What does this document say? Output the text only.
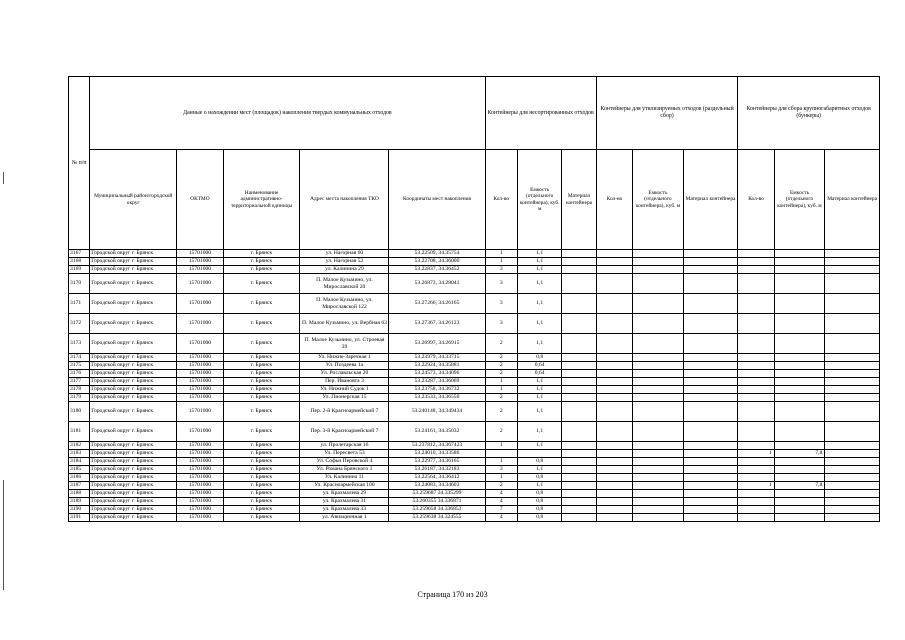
№ п/п	Данные о нахождении мест (площадок) накопления твердых коммунальных отходов					Контейнеры для несортированных отходов			Контейнеры для утилизируемых отходов (раздельный сбор)			Контейнеры для сбора крупногабаритных отходов (бункеры)		
	Муниципальный район/городской округ	ОКТМО	Наименование административно-территориальной единицы	Адрес места накопления ТКО	Координаты мест накопления	Кол-во	Емкость (отдельного контейнера), куб. м	Материал контейнера	Кол-во	Емкость (отдельного контейнера), куб. м	Материал контейнера	Кол-во	Емкость (отдельного контейнера), куб. м	Материал контейнера
3167	Городской округ г. Брянск	15701000	г. Брянск	ул. Нагорная 60	53.22509, 34.35754	1	1,1							
3168	Городской округ г. Брянск	15701000	г. Брянск	ул. Нагорная 52	53.22708, 34.36000	1	1,1							
3169	Городской округ г. Брянск	15701000	г. Брянск	ул. Калинина 29	53.22837, 34.36452	3	1,1							
3170	Городской округ г. Брянск	15701000	г. Брянск	П. Малое Кузьмино, ул. Мирославской 20	53.26873, 34.28041	3	1,1							
3171	Городской округ г. Брянск	15701000	г. Брянск	П. Малое Кузьмино, ул. Мирославской 122	53.27266, 34.26165	3	1,1							
3172	Городской округ г. Брянск	15701000	г. Брянск	П. Малое Кузьмино, ул. Вербная 63	53.27367, 34.26123	3	1,1							
3173	Городской округ г. Брянск	15701000	г. Брянск	П. Малое Кузьмино, ул. Строевая 39	53.26997, 34.26915	2	1,1							
3174	Городской округ г. Брянск	15701000	г. Брянск	Ул. Нижне-Заречная 1	53.23979, 34.33715	2	0,8							
3175	Городской округ г. Брянск	15701000	г. Брянск	Ул. Поздеева 1а	53.22924, 34.35881	2	0,64							
3176	Городской округ г. Брянск	15701000	г. Брянск	Ул. Рославльская 20	53.24573, 34.34096	2	0,64							
3177	Городской округ г. Брянск	15701000	г. Брянск	Пер. Ивановта 3	53.23287, 34.36069	1	1,1							
3178	Городской округ г. Брянск	15701000	г. Брянск	Ул. Нижний Судок 1	53.23758, 34.36732	1	1,1							
3179	Городской округ г. Брянск	15701000	г. Брянск	Ул. Пионерская 15	53.23533, 34.36550	2	1,1							
3180	Городской округ г. Брянск	15701000	г. Брянск	Пер. 2-й Красноармейский 7	53.240148, 34.349434	2	1,1							
3181	Городской округ г. Брянск	15701000	г. Брянск	Пер. 3-й Красноармейский 7	53.24161, 34.35032	2	1,1							
3182	Городской округ г. Брянск	15701000	г. Брянск	ул. Пролетарская 16	53.237812, 34.367423	1	1,1							
3183	Городской округ г. Брянск	15701000	г. Брянск	Ул. Пересвета 53	53.24010, 34.33586							1	7,8	
3184	Городской округ г. Брянск	15701000	г. Брянск	Ул. Софьи Перовской 4	53.22977, 34.36165	1	0,8							
3185	Городской округ г. Брянск	15701000	г. Брянск	Ул. Романа Брянского 1	53.26187, 34.32183	3	1,1							
3186	Городской округ г. Брянск	15701000	г. Брянск	Ул. Калинина 11	53.22564, 34.36412	1	0,8							
3187	Городской округ г. Брянск	15701000	г. Брянск	Ул. Красноармейская 100	53.24083, 34.34603	2	1,1					1	7,8	
3188	Городской округ г. Брянск	15701000	г. Брянск	ул. Крахмалева 29	53.259687 34.335299	4	0,8							
3189	Городской округ г. Брянск	15701000	г. Брянск	ул. Крахмалева 31	53.260355 34.336871	4	0,8							
3190	Городской округ г. Брянск	15701000	г. Брянск	ул. Крахмалева 33	53.259058 34.336853	7	0,8							
3191	Городской округ г. Брянск	15701000	г. Брянск	ул. Авиационная 1	53.259638 34.324555	4	0,8							
Страница 170 из 203
